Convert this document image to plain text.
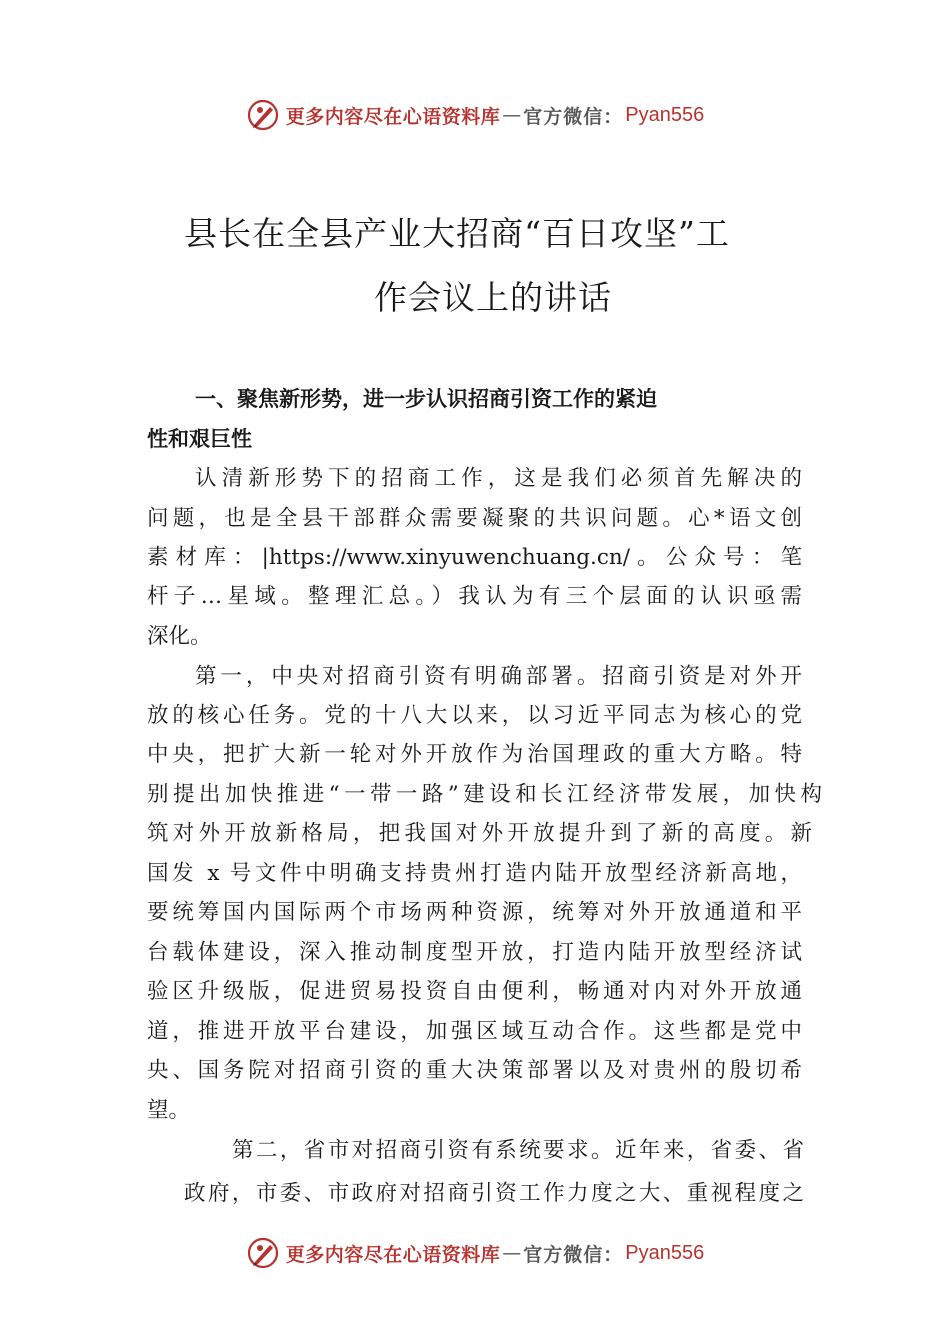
更多内容尽在心语资料库 — 官方微信： Pyan556
县长在全县产业大招商“百日攻坚”工
作会议上的讲话
一、聚焦新形势，进一步认识招商引资工作的紧迫
性和艰巨性
认清新形势下的招商工作，这是我们必须首先解决的
问题，也是全县干部群众需要凝聚的共识问题。心*语文创
素材库：|https://www.xinyuwenchuang.cn/。公众号：笔
杆子…星域。整理汇总。）我认为有三个层面的认识亟需
深化。
第一，中央对招商引资有明确部署。招商引资是对外开
放的核心任务。党的十八大以来，以习近平同志为核心的党
中央，把扩大新一轮对外开放作为治国理政的重大方略。特
别提出加快推进“一带一路”建设和长江经济带发展，加快构
筑对外开放新格局，把我国对外开放提升到了新的高度。新
国发 x 号文件中明确支持贵州打造内陆开放型经济新高地，
要统筹国内国际两个市场两种资源，统筹对外开放通道和平
台载体建设，深入推动制度型开放，打造内陆开放型经济试
验区升级版，促进贸易投资自由便利，畅通对内对外开放通
道，推进开放平台建设，加强区域互动合作。这些都是党中
央、国务院对招商引资的重大决策部署以及对贵州的殷切希
望。
第二，省市对招商引资有系统要求。近年来，省委、省
政府，市委、市政府对招商引资工作力度之大、重视程度之
更多内容尽在心语资料库 — 官方微信： Pyan556
